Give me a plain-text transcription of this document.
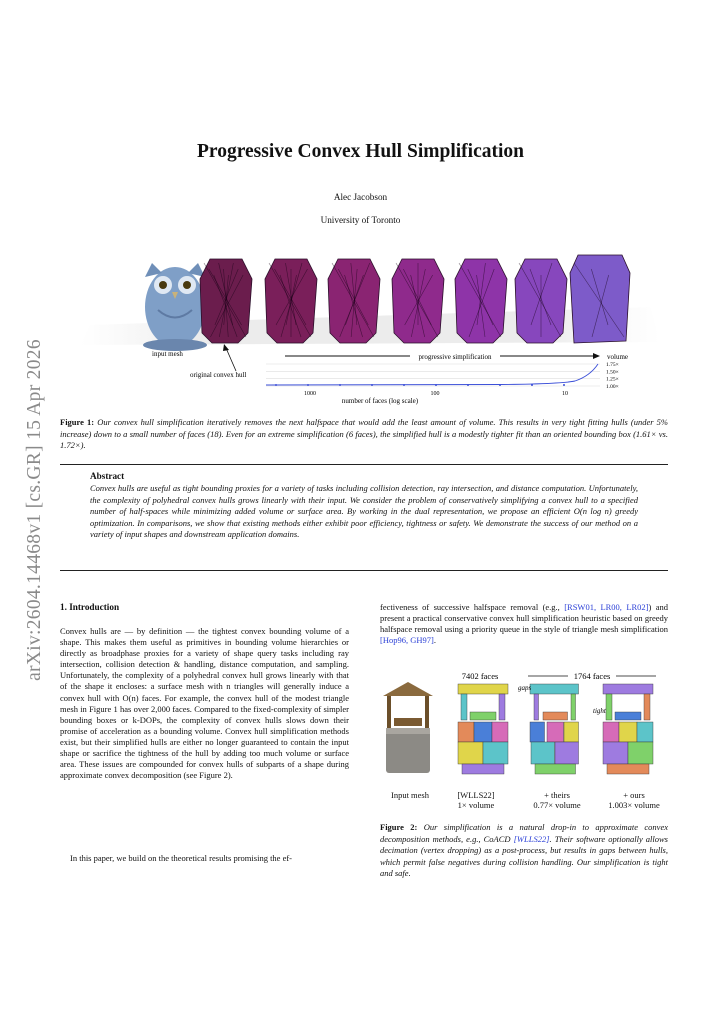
arXiv:2604.14468v1 [cs.GR] 15 Apr 2026
Progressive Convex Hull Simplification
Alec Jacobson
University of Toronto
input mesh
original convex hull
progressive simplification
1.75×
1.50×
1.25×
1.00×
1000	100	10
volume
number of faces (log scale)
Figure 1: Our convex hull simplification iteratively removes the next halfspace that would add the least amount of volume. This results in very tight fitting hulls (under 5% increase) down to a small number of faces (18). Even for an extreme simplification (6 faces), the simplified hull is a modestly tighter fit than an oriented bounding box (1.61× vs. 1.72×).
Abstract
Convex hulls are useful as tight bounding proxies for a variety of tasks including collision detection, ray intersection, and distance computation. Unfortunately, the complexity of polyhedral convex hulls grows linearly with their input. We consider the problem of conservatively simplifying a convex hull to a specified number of half-spaces while minimizing added volume or surface area. By working in the dual representation, we propose an efficient O(n log n) greedy optimization. In comparisons, we show that existing methods either exhibit poor efficiency, tightness or safety. We demonstrate the success of our method on a variety of input shapes and downstream application domains.
1. Introduction
Convex hulls are — by definition — the tightest convex bounding volume of a shape. This makes them useful as primitives in bounding volume hierarchies or directly as broadphase proxies for a variety of shape query tasks including ray intersection, collision detection & handling, distance computation, and sampling. Unfortunately, the complexity of a polyhedral convex hull grows linearly with that of the shape it encloses: a surface mesh with n triangles will generally induce a convex hull with O(n) faces. For example, the convex hull of the modest triangle mesh in Figure 1 has over 2,000 faces. Compared to the fixed-complexity of simpler bounding boxes or k-DOPs, the complexity of convex hulls slows down their promise of acceleration as a bounding volume. Convex hull simplification methods exist, but their simplified hulls are either no longer guaranteed to contain the input shape or sacrifice the tightness of the hull by adding too much volume or surface area. These issues are compounded for convex hulls of subparts of a shape during approximate convex decomposition (see Figure 2).
In this paper, we build on the theoretical results promising the ef-
fectiveness of successive halfspace removal (e.g., [RSW01, LR00, LR02]) and present a practical conservative convex hull simplification heuristic based on greedy halfspace removal using a priority queue in the style of triangle mesh simplification [Hop96, GH97].
7402 faces	1764 faces
gaps
tight
Input mesh	[WLLS22]
1× volume
+ theirs
0.77× volume
+ ours
1.003× volume
Figure 2: Our simplification is a natural drop-in to approximate convex decomposition methods, e.g., CoACD [WLLS22]. Their software optionally allows decimation (vertex dropping) as a post-process, but results in gaps between hulls, which permit false negatives during collision handling. Our simplification is tight and safe.
